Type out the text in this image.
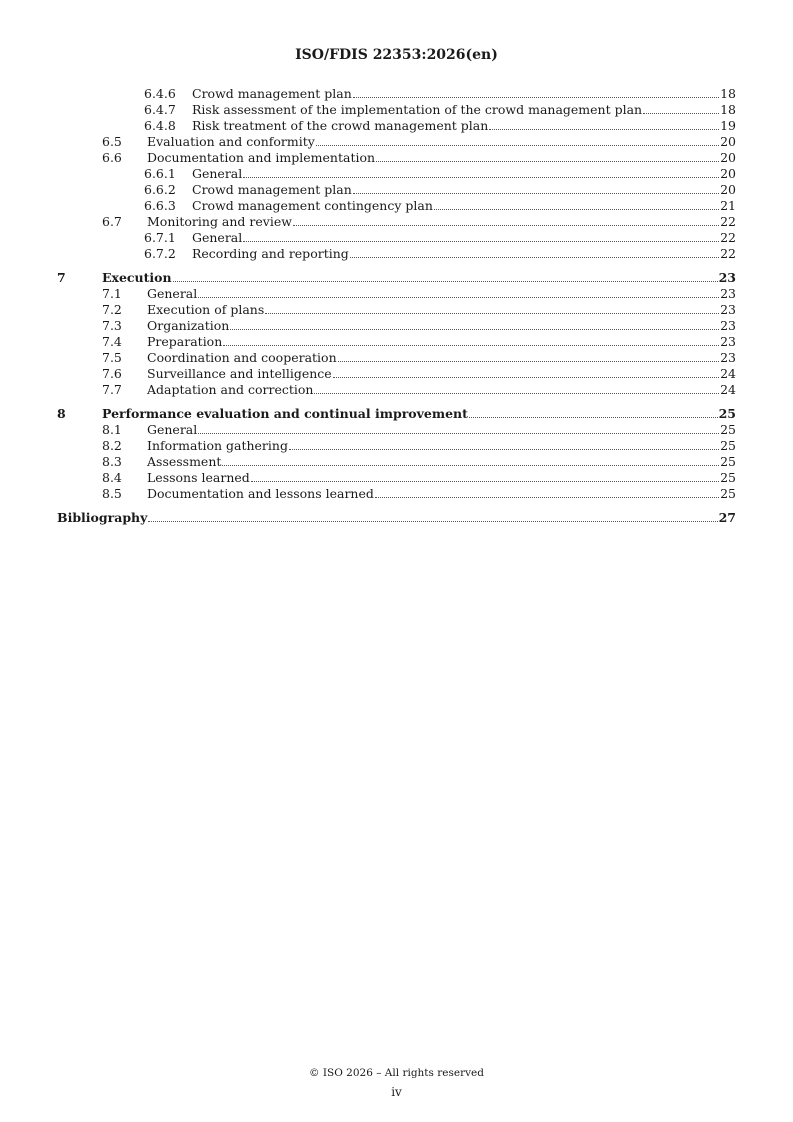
ISO/FDIS 22353:2026(en)
6.4.6 Crowd management plan	18
6.4.7 Risk assessment of the implementation of the crowd management plan	18
6.4.8 Risk treatment of the crowd management plan	19
6.5 Evaluation and conformity	20
6.6 Documentation and implementation	20
6.6.1 General	20
6.6.2 Crowd management plan	20
6.6.3 Crowd management contingency plan	21
6.7 Monitoring and review	22
6.7.1 General	22
6.7.2 Recording and reporting	22
7	Execution	23
7.1 General	23
7.2 Execution of plans	23
7.3 Organization	23
7.4 Preparation	23
7.5 Coordination and cooperation	23
7.6 Surveillance and intelligence	24
7.7 Adaptation and correction	24
8	Performance evaluation and continual improvement	25
8.1 General	25
8.2 Information gathering	25
8.3 Assessment	25
8.4 Lessons learned	25
8.5 Documentation and lessons learned	25
Bibliography	27
© ISO 2026 – All rights reserved
iv
